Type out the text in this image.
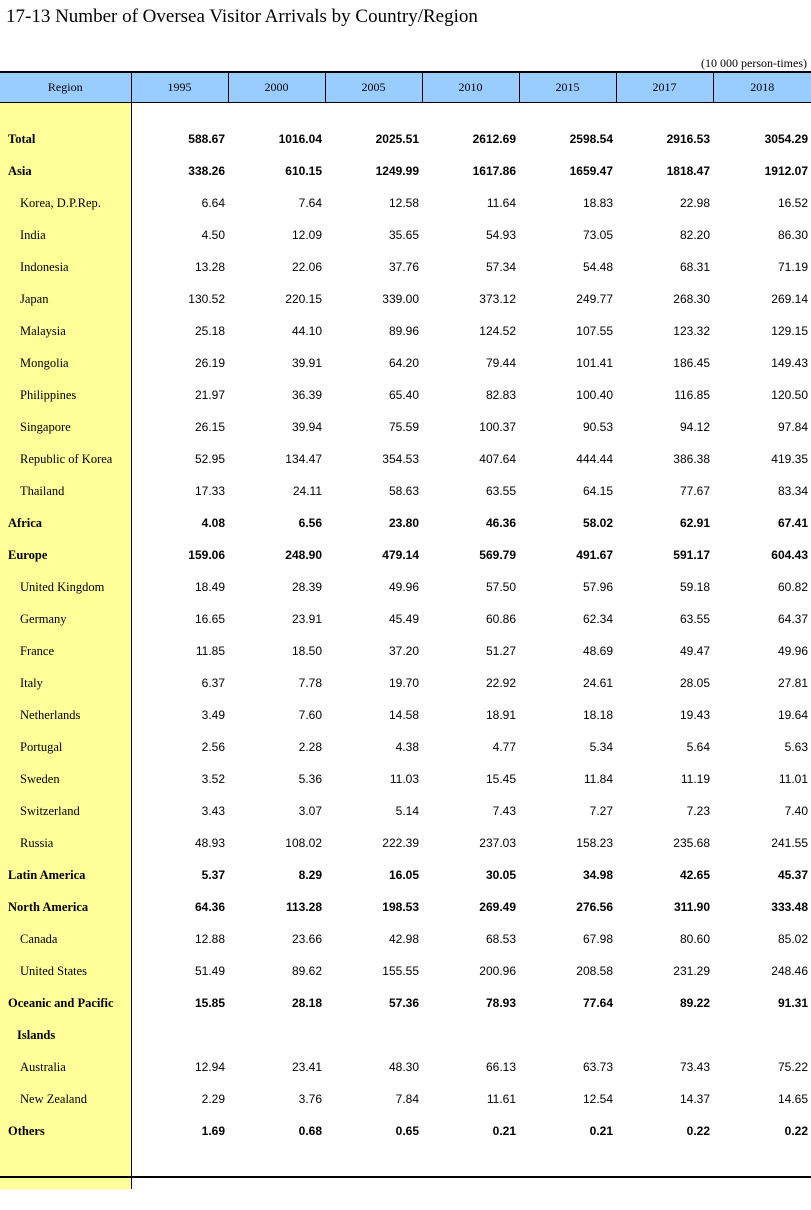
17-13 Number of Oversea Visitor Arrivals by Country/Region
(10 000 person-times)
Region	1995	2000	2005	2010	2015	2017	2018

Total	588.67	1016.04	2025.51	2612.69	2598.54	2916.53	3054.29
Asia	338.26	610.15	1249.99	1617.86	1659.47	1818.47	1912.07
Korea, D.P.Rep.	6.64	7.64	12.58	11.64	18.83	22.98	16.52
India	4.50	12.09	35.65	54.93	73.05	82.20	86.30
Indonesia	13.28	22.06	37.76	57.34	54.48	68.31	71.19
Japan	130.52	220.15	339.00	373.12	249.77	268.30	269.14
Malaysia	25.18	44.10	89.96	124.52	107.55	123.32	129.15
Mongolia	26.19	39.91	64.20	79.44	101.41	186.45	149.43
Philippines	21.97	36.39	65.40	82.83	100.40	116.85	120.50
Singapore	26.15	39.94	75.59	100.37	90.53	94.12	97.84
Republic of Korea	52.95	134.47	354.53	407.64	444.44	386.38	419.35
Thailand	17.33	24.11	58.63	63.55	64.15	77.67	83.34
Africa	4.08	6.56	23.80	46.36	58.02	62.91	67.41
Europe	159.06	248.90	479.14	569.79	491.67	591.17	604.43
United Kingdom	18.49	28.39	49.96	57.50	57.96	59.18	60.82
Germany	16.65	23.91	45.49	60.86	62.34	63.55	64.37
France	11.85	18.50	37.20	51.27	48.69	49.47	49.96
Italy	6.37	7.78	19.70	22.92	24.61	28.05	27.81
Netherlands	3.49	7.60	14.58	18.91	18.18	19.43	19.64
Portugal	2.56	2.28	4.38	4.77	5.34	5.64	5.63
Sweden	3.52	5.36	11.03	15.45	11.84	11.19	11.01
Switzerland	3.43	3.07	5.14	7.43	7.27	7.23	7.40
Russia	48.93	108.02	222.39	237.03	158.23	235.68	241.55
Latin America	5.37	8.29	16.05	30.05	34.98	42.65	45.37
North America	64.36	113.28	198.53	269.49	276.56	311.90	333.48
Canada	12.88	23.66	42.98	68.53	67.98	80.60	85.02
United States	51.49	89.62	155.55	200.96	208.58	231.29	248.46
Oceanic and Pacific	15.85	28.18	57.36	78.93	77.64	89.22	91.31
Islands							
Australia	12.94	23.41	48.30	66.13	63.73	73.43	75.22
New Zealand	2.29	3.76	7.84	11.61	12.54	14.37	14.65
Others	1.69	0.68	0.65	0.21	0.21	0.22	0.22
